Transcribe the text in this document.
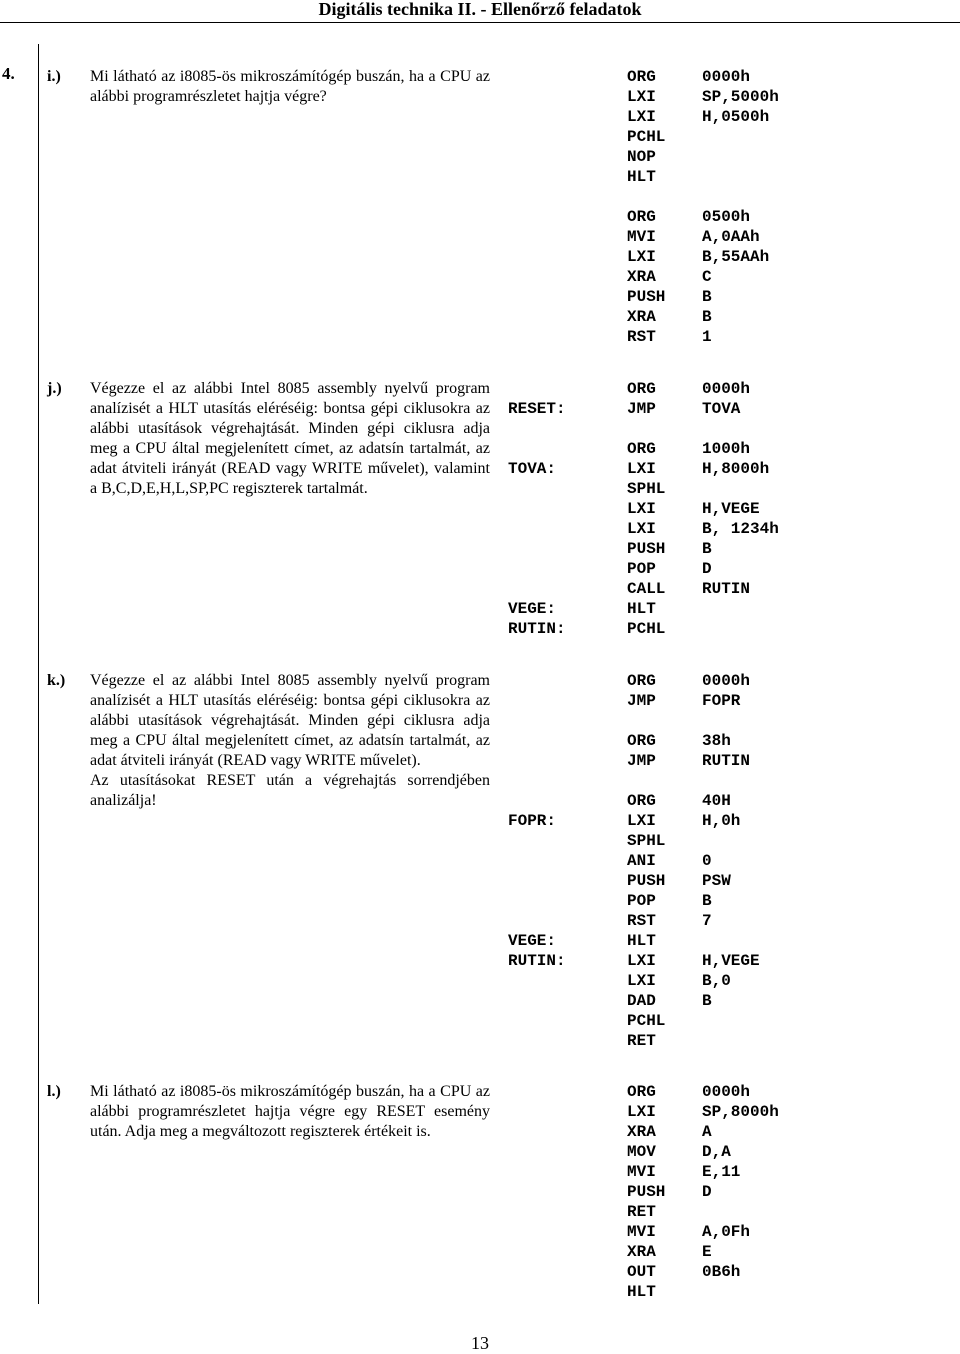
Digitális technika II. - Ellenőrző feladatok
4. i.) Mi látható az i8085-ös mikroszámítógép buszán, ha a CPU az alábbi programrészletet hajtja végre?

ORG	0000h
LXI	SP,5000h
LXI	H,0500h
PCHL
NOP
HLT
ORG	0500h
MVI	A,0AAh
LXI	B,55AAh
XRA	C
PUSH B
XRA	B
RST	1
j.) Végezze el az alábbi Intel 8085 assembly nyelvű program analízisét a HLT utasítás eléréséig: bontsa gépi ciklusokra az alábbi utasítások végrehajtását. Minden gépi ciklusra adja meg a CPU által megjelenített címet, az adatsín tartalmát, az adat átviteli irányát (READ vagy WRITE művelet), valamint a B,C,D,E,H,L,SP,PC regiszterek tartalmát.

ORG	0000h
RESET:	JMP	TOVA
ORG	1000h
TOVA:	LXI	H,8000h
SPHL
LXI	H,VEGE
LXI	B, 1234h
PUSH B
POP	D
CALL RUTIN
VEGE:	HLT
RUTIN:	PCHL
k.) Végezze el az alábbi Intel 8085 assembly nyelvű program analízisét a HLT utasítás eléréséig: bontsa gépi ciklusokra az alábbi utasítások végrehajtását. Minden gépi ciklusra adja meg a CPU által megjelenített címet, az adatsín tartalmát, az adat átviteli irányát (READ vagy WRITE művelet).

Az utasításokat RESET után a végrehajtás sorrendjében analizálja!

ORG	0000h
JMP	FOPR
ORG	38h
JMP	RUTIN
ORG	40H
FOPR:	LXI	H,0h
SPHL
ANI	0
PUSH PSW
POP	B
RST	7
VEGE:	HLT
RUTIN:	LXI	H,VEGE
LXI	B,0
DAD	B
PCHL
RET
l.) Mi látható az i8085-ös mikroszámítógép buszán, ha a CPU az alábbi programrészletet hajtja végre egy RESET esemény után. Adja meg a megváltozott regiszterek értékeit is.

ORG	0000h
LXI	SP,8000h
XRA	A
MOV	D,A
MVI	E,11
PUSH D
RET
MVI	A,0Fh
XRA	E
OUT	0B6h
HLT
13
